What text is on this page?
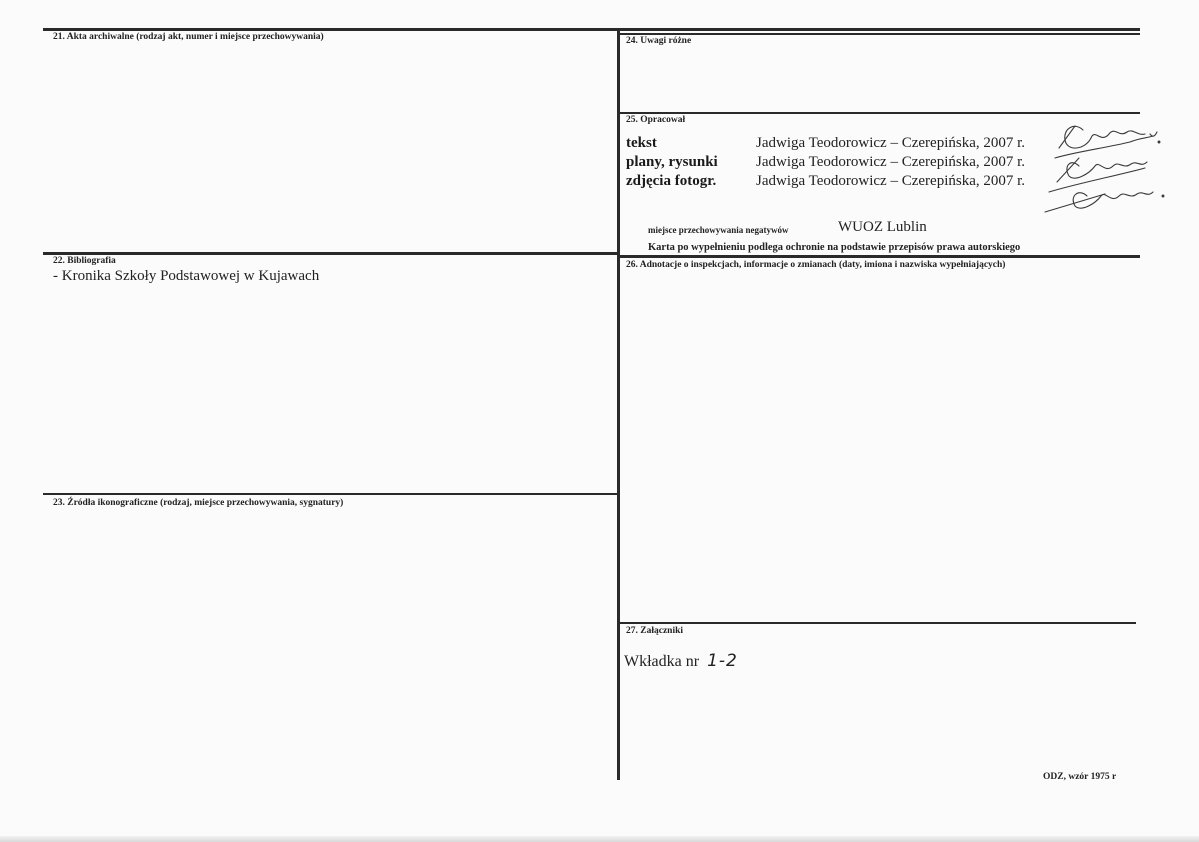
21. Akta archiwalne (rodzaj akt, numer i miejsce przechowywania)
22. Bibliografia
- Kronika Szkoły Podstawowej w Kujawach
23. Źródła ikonograficzne (rodzaj, miejsce przechowywania, sygnatury)
24. Uwagi różne
25. Opracował
tekst	Jadwiga Teodorowicz – Czerepińska, 2007 r.
plany, rysunki	Jadwiga Teodorowicz – Czerepińska, 2007 r.
zdjęcia fotogr.	Jadwiga Teodorowicz – Czerepińska, 2007 r.
miejsce przechowywania negatywów	WUOZ Lublin
Karta po wypełnieniu podlega ochronie na podstawie przepisów prawa autorskiego
26. Adnotacje o inspekcjach, informacje o zmianach (daty, imiona i nazwiska wypełniających)
27. Załączniki
Wkładka nr 1-2
ODZ, wzór 1975 r
